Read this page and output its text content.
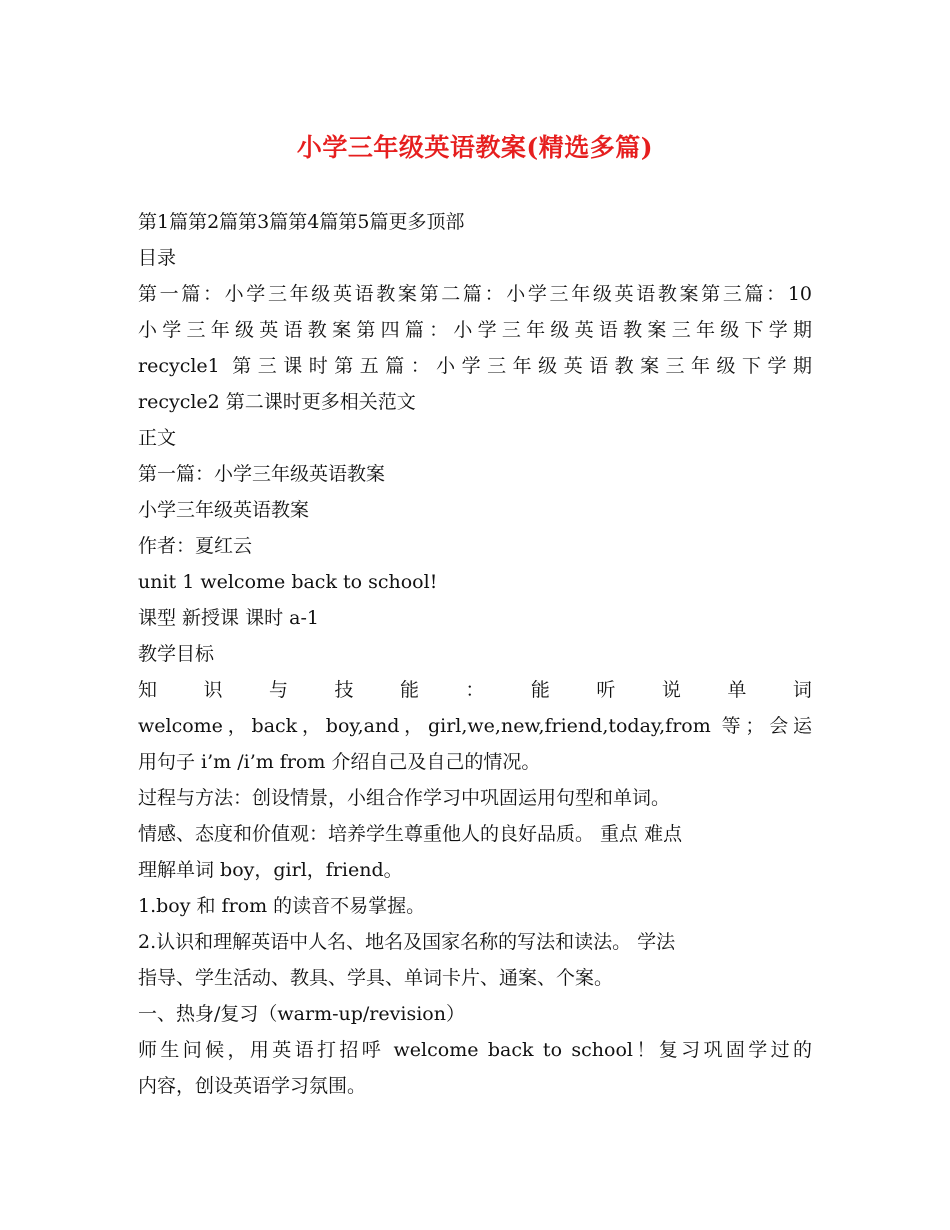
小学三年级英语教案(精选多篇)
第1篇第2篇第3篇第4篇第5篇更多顶部
目录
第一篇：小学三年级英语教案第二篇：小学三年级英语教案第三篇：10
小学三年级英语教案第四篇：小学三年级英语教案三年级下学期
recycle1 第三课时第五篇：小学三年级英语教案三年级下学期
recycle2 第二课时更多相关范文
正文
第一篇：小学三年级英语教案
小学三年级英语教案
作者：夏红云
unit 1 welcome back to school!
课型 新授课 课时 a-1
教学目标
知 识 与 技 能 ： 能 听 说 单 词
welcome，back，boy,and，girl,we,new,friend,today,from 等；会运
用句子 i’m /i’m from 介绍自己及自己的情况。
过程与方法：创设情景，小组合作学习中巩固运用句型和单词。
情感、态度和价值观：培养学生尊重他人的良好品质。 重点 难点
理解单词 boy，girl，friend。
1.boy 和 from 的读音不易掌握。
2.认识和理解英语中人名、地名及国家名称的写法和读法。 学法
指导、学生活动、教具、学具、单词卡片、通案、个案。
一、热身/复习（warm-up/revision）
师生问候，用英语打招呼 welcome back to school！复习巩固学过的
内容，创设英语学习氛围。
